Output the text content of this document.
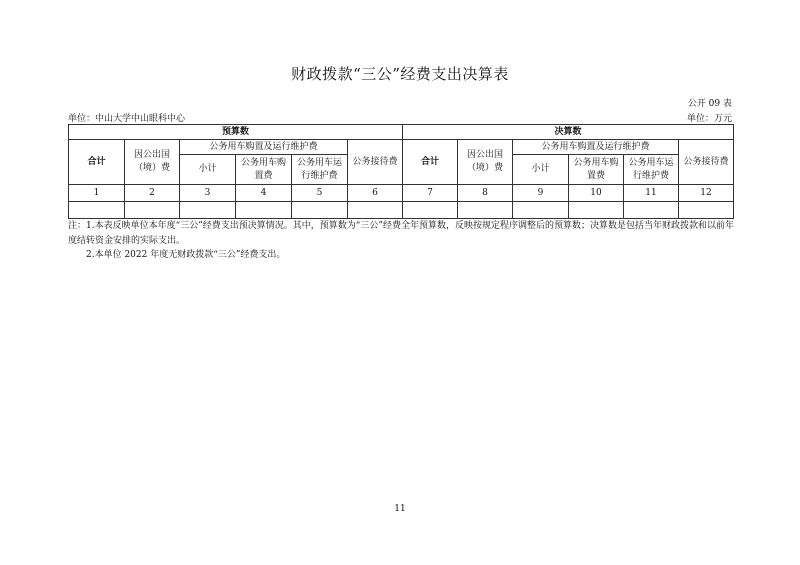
财政拨款“三公”经费支出决算表
公开 09 表
单位：中山大学中山眼科中心	单位：万元
预算数						决算数					
合计	因公出国（境）费	公务用车购置及运行维护费			公务接待费	合计	因公出国（境）费	公务用车购置及运行维护费			公务接待费
		小计	公务用车购置费	公务用车运行维护费				小计	公务用车购置费	公务用车运行维护费	
1	2	3	4	5	6	7	8	9	10	11	12

注：1.本表反映单位本年度“三公”经费支出预决算情况。其中，预算数为“三公”经费全年预算数，反映按规定程序调整后的预算数；决算数是包括当年财政拨款和以前年度结转资金安排的实际支出。

2.本单位 2022 年度无财政拨款“三公”经费支出。

11
